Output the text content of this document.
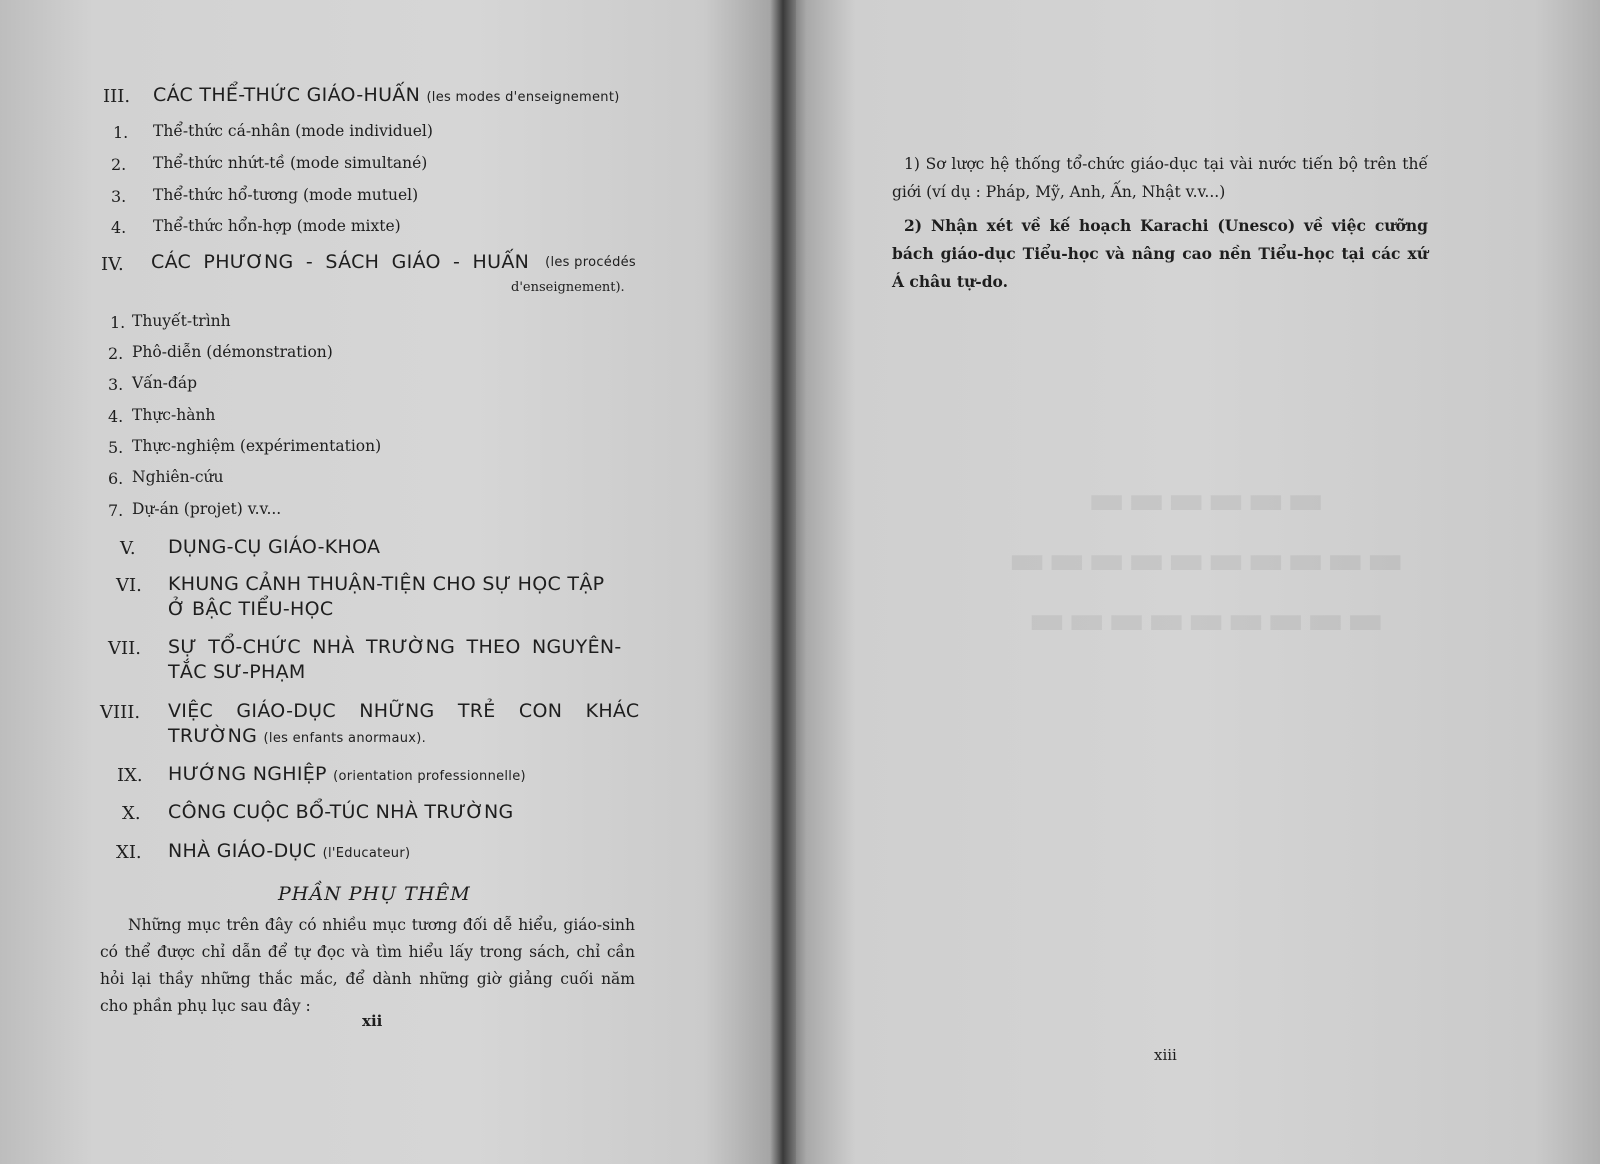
III. CÁC THỂ-THỨC GIÁO-HUẤN (les modes d'enseignement)
1. Thể-thức cá-nhân (mode individuel)
2. Thể-thức nhứt-tề (mode simultané)
3. Thể-thức hổ-tương (mode mutuel)
4. Thể-thức hổn-hợp (mode mixte)
IV. CÁC PHƯƠNG - SÁCH GIÁO - HUẤN (les procédés
d'enseignement).
1. Thuyết-trình
2. Phô-diễn (démonstration)
3. Vấn-đáp
4. Thực-hành
5. Thực-nghiệm (expérimentation)
6. Nghiên-cứu
7. Dự-án (projet) v.v...
V. DỤNG-CỤ GIÁO-KHOA
VI. KHUNG CẢNH THUẬN-TIỆN CHO SỰ HỌC TẬP
Ở BẬC TIỂU-HỌC
VII. SỰ TỔ-CHỨC NHÀ TRƯỜNG THEO NGUYÊN-
TẮC SƯ-PHẠM
VIII. VIỆC GIÁO-DỤC NHỮNG TRẺ CON KHÁC
TRƯỜNG (les enfants anormaux).
IX. HƯỚNG NGHIỆP (orientation professionnelle)
X. CÔNG CUỘC BỔ-TÚC NHÀ TRƯỜNG
XI. NHÀ GIÁO-DỤC (l'Educateur)
PHẦN PHỤ THÊM
Những mục trên đây có nhiều mục tương đối dễ hiểu, giáo-sinh có thể được chỉ dẫn để tự đọc và tìm hiểu lấy trong sách, chỉ cần hỏi lại thầy những thắc mắc, để dành những giờ giảng cuối năm cho phần phụ lục sau đây :
xii
1) Sơ lược hệ thống tổ-chức giáo-dục tại vài nước tiến bộ trên thế giới (ví dụ : Pháp, Mỹ, Anh, Ấn, Nhật v.v...)
2) Nhận xét về kế hoạch Karachi (Unesco) về việc cưỡng bách giáo-dục Tiểu-học và nâng cao nền Tiểu-học tại các xứ Á châu tự-do.
xiii
▬▬▬▬▬▬
▬▬▬▬▬▬▬▬▬▬
▬▬▬▬▬▬▬▬▬
